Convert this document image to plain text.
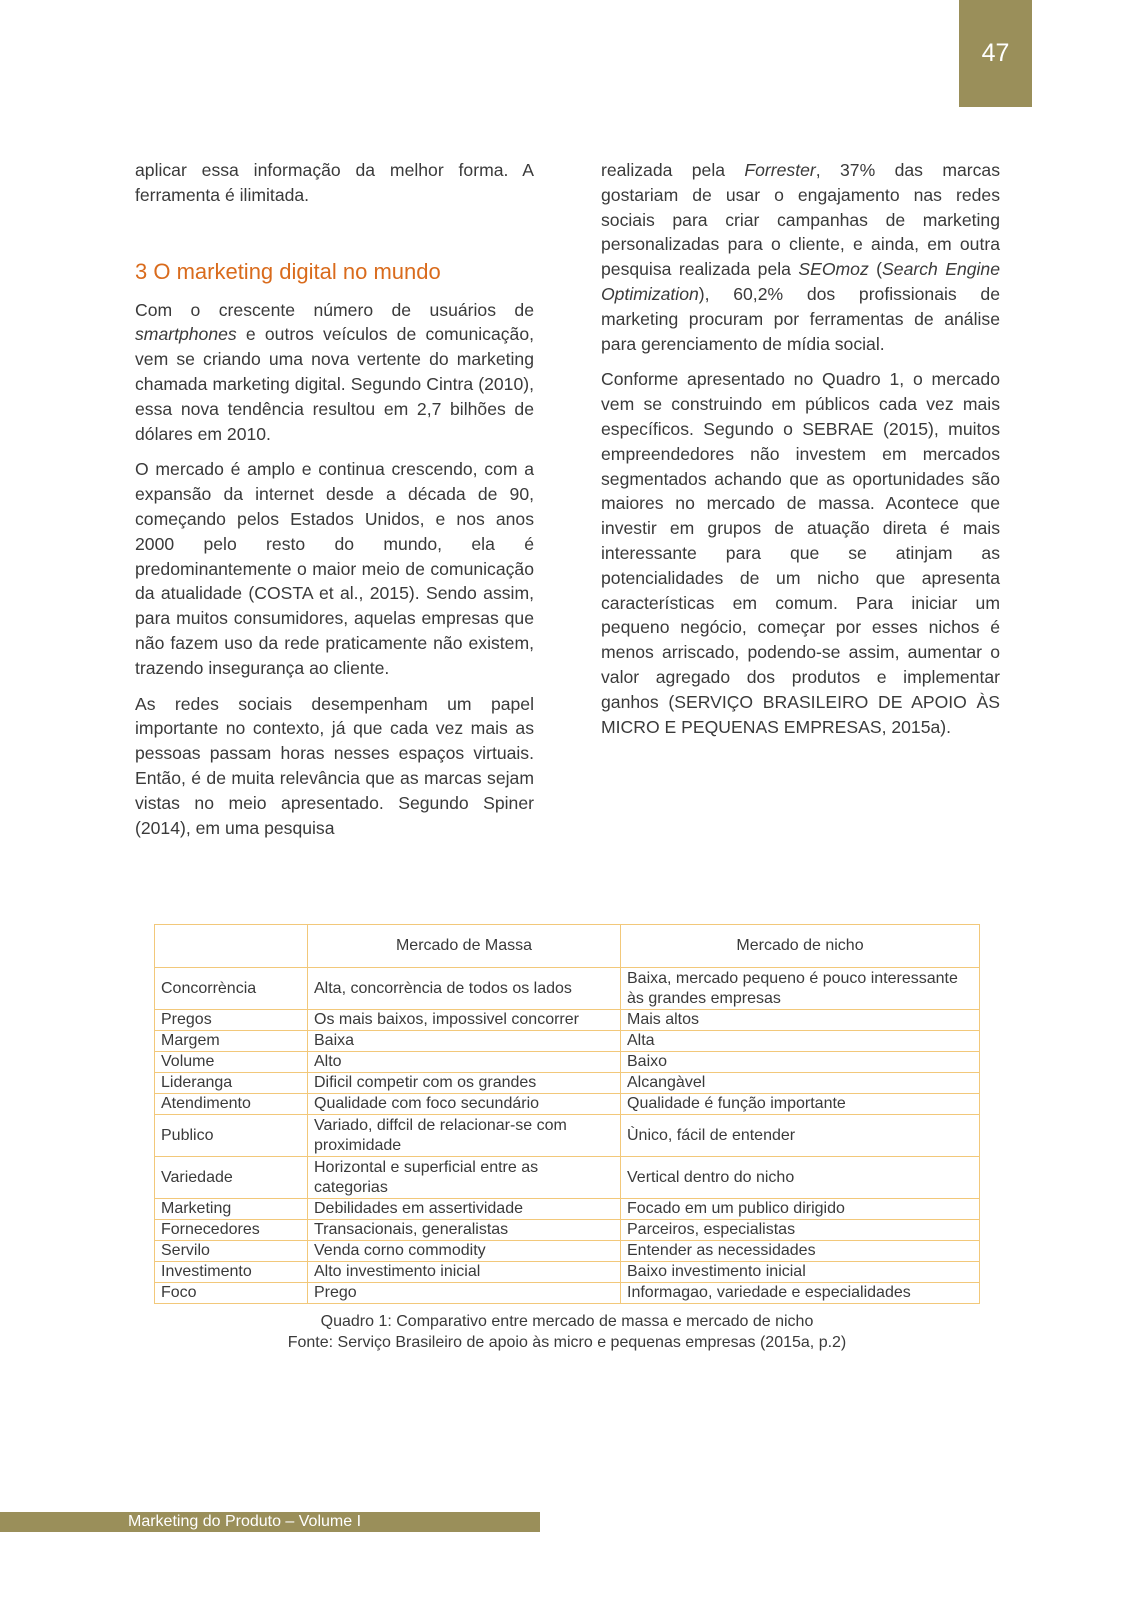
47

aplicar essa informação da melhor forma. A ferramenta é ilimitada.

3 O marketing digital no mundo

Com o crescente número de usuários de smartphones e outros veículos de comunicação, vem se criando uma nova vertente do marketing chamada marketing digital. Segundo Cintra (2010), essa nova tendência resultou em 2,7 bilhões de dólares em 2010.

O mercado é amplo e continua crescendo, com a expansão da internet desde a década de 90, começando pelos Estados Unidos, e nos anos 2000 pelo resto do mundo, ela é predominantemente o maior meio de comunicação da atualidade (COSTA et al., 2015). Sendo assim, para muitos consumidores, aquelas empresas que não fazem uso da rede praticamente não existem, trazendo insegurança ao cliente.

As redes sociais desempenham um papel importante no contexto, já que cada vez mais as pessoas passam horas nesses espaços virtuais. Então, é de muita relevância que as marcas sejam vistas no meio apresentado. Segundo Spiner (2014), em uma pesquisa

realizada pela Forrester, 37% das marcas gostariam de usar o engajamento nas redes sociais para criar campanhas de marketing personalizadas para o cliente, e ainda, em outra pesquisa realizada pela SEOmoz (Search Engine Optimization), 60,2% dos profissionais de marketing procuram por ferramentas de análise para gerenciamento de mídia social.

Conforme apresentado no Quadro 1, o mercado vem se construindo em públicos cada vez mais específicos. Segundo o SEBRAE (2015), muitos empreendedores não investem em mercados segmentados achando que as oportunidades são maiores no mercado de massa. Acontece que investir em grupos de atuação direta é mais interessante para que se atinjam as potencialidades de um nicho que apresenta características em comum. Para iniciar um pequeno negócio, começar por esses nichos é menos arriscado, podendo-se assim, aumentar o valor agregado dos produtos e implementar ganhos (SERVIÇO BRASILEIRO DE APOIO ÀS MICRO E PEQUENAS EMPRESAS, 2015a).

	Mercado de Massa	Mercado de nicho
Concorrència	Alta, concorrència de todos os lados	Baixa, mercado pequeno é pouco interessante às grandes empresas
Pregos	Os mais baixos, impossivel concorrer	Mais altos
Margem	Baixa	Alta
Volume	Alto	Baixo
Lideranga	Dificil competir com os grandes	Alcangàvel
Atendimento	Qualidade com foco secundário	Qualidade é função importante
Publico	Variado, diffcil de relacionar-se com proximidade	Ùnico, fácil de entender
Variedade	Horizontal e superficial entre as categorias	Vertical dentro do nicho
Marketing	Debilidades em assertividade	Focado em um publico dirigido
Fornecedores	Transacionais, generalistas	Parceiros, especialistas
Servilo	Venda corno commodity	Entender as necessidades
Investimento	Alto investimento inicial	Baixo investimento inicial
Foco	Prego	Informagao, variedade e especialidades
Quadro 1: Comparativo entre mercado de massa e mercado de nicho
Fonte: Serviço Brasileiro de apoio às micro e pequenas empresas (2015a, p.2)
Marketing do Produto – Volume I
